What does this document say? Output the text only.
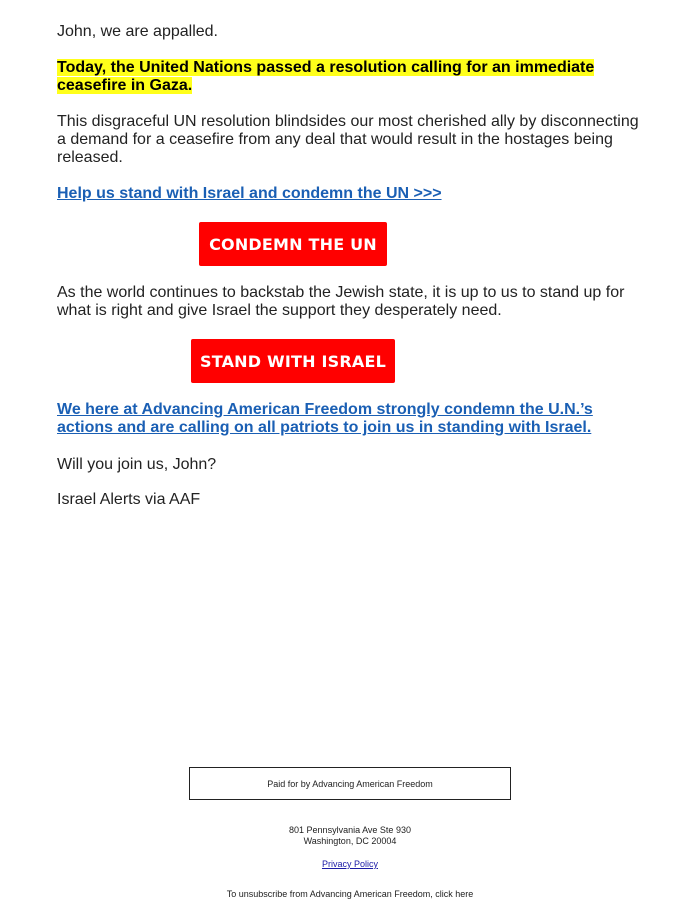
John, we are appalled.

Today, the United Nations passed a resolution calling for an immediate ceasefire in Gaza.

This disgraceful UN resolution blindsides our most cherished ally by disconnecting a demand for a ceasefire from any deal that would result in the hostages being released.

Help us stand with Israel and condemn the UN >>>

As the world continues to backstab the Jewish state, it is up to us to stand up for what is right and give Israel the support they desperately need.

We here at Advancing American Freedom strongly condemn the U.N.’s actions and are calling on all patriots to join us in standing with Israel.

Will you join us, John?

Israel Alerts via AAF

CONDEMN THE UN
STAND WITH ISRAEL
Paid for by Advancing American Freedom
801 Pennsylvania Ave Ste 930
Washington, DC 20004
Privacy Policy
To unsubscribe from Advancing American Freedom, click here
